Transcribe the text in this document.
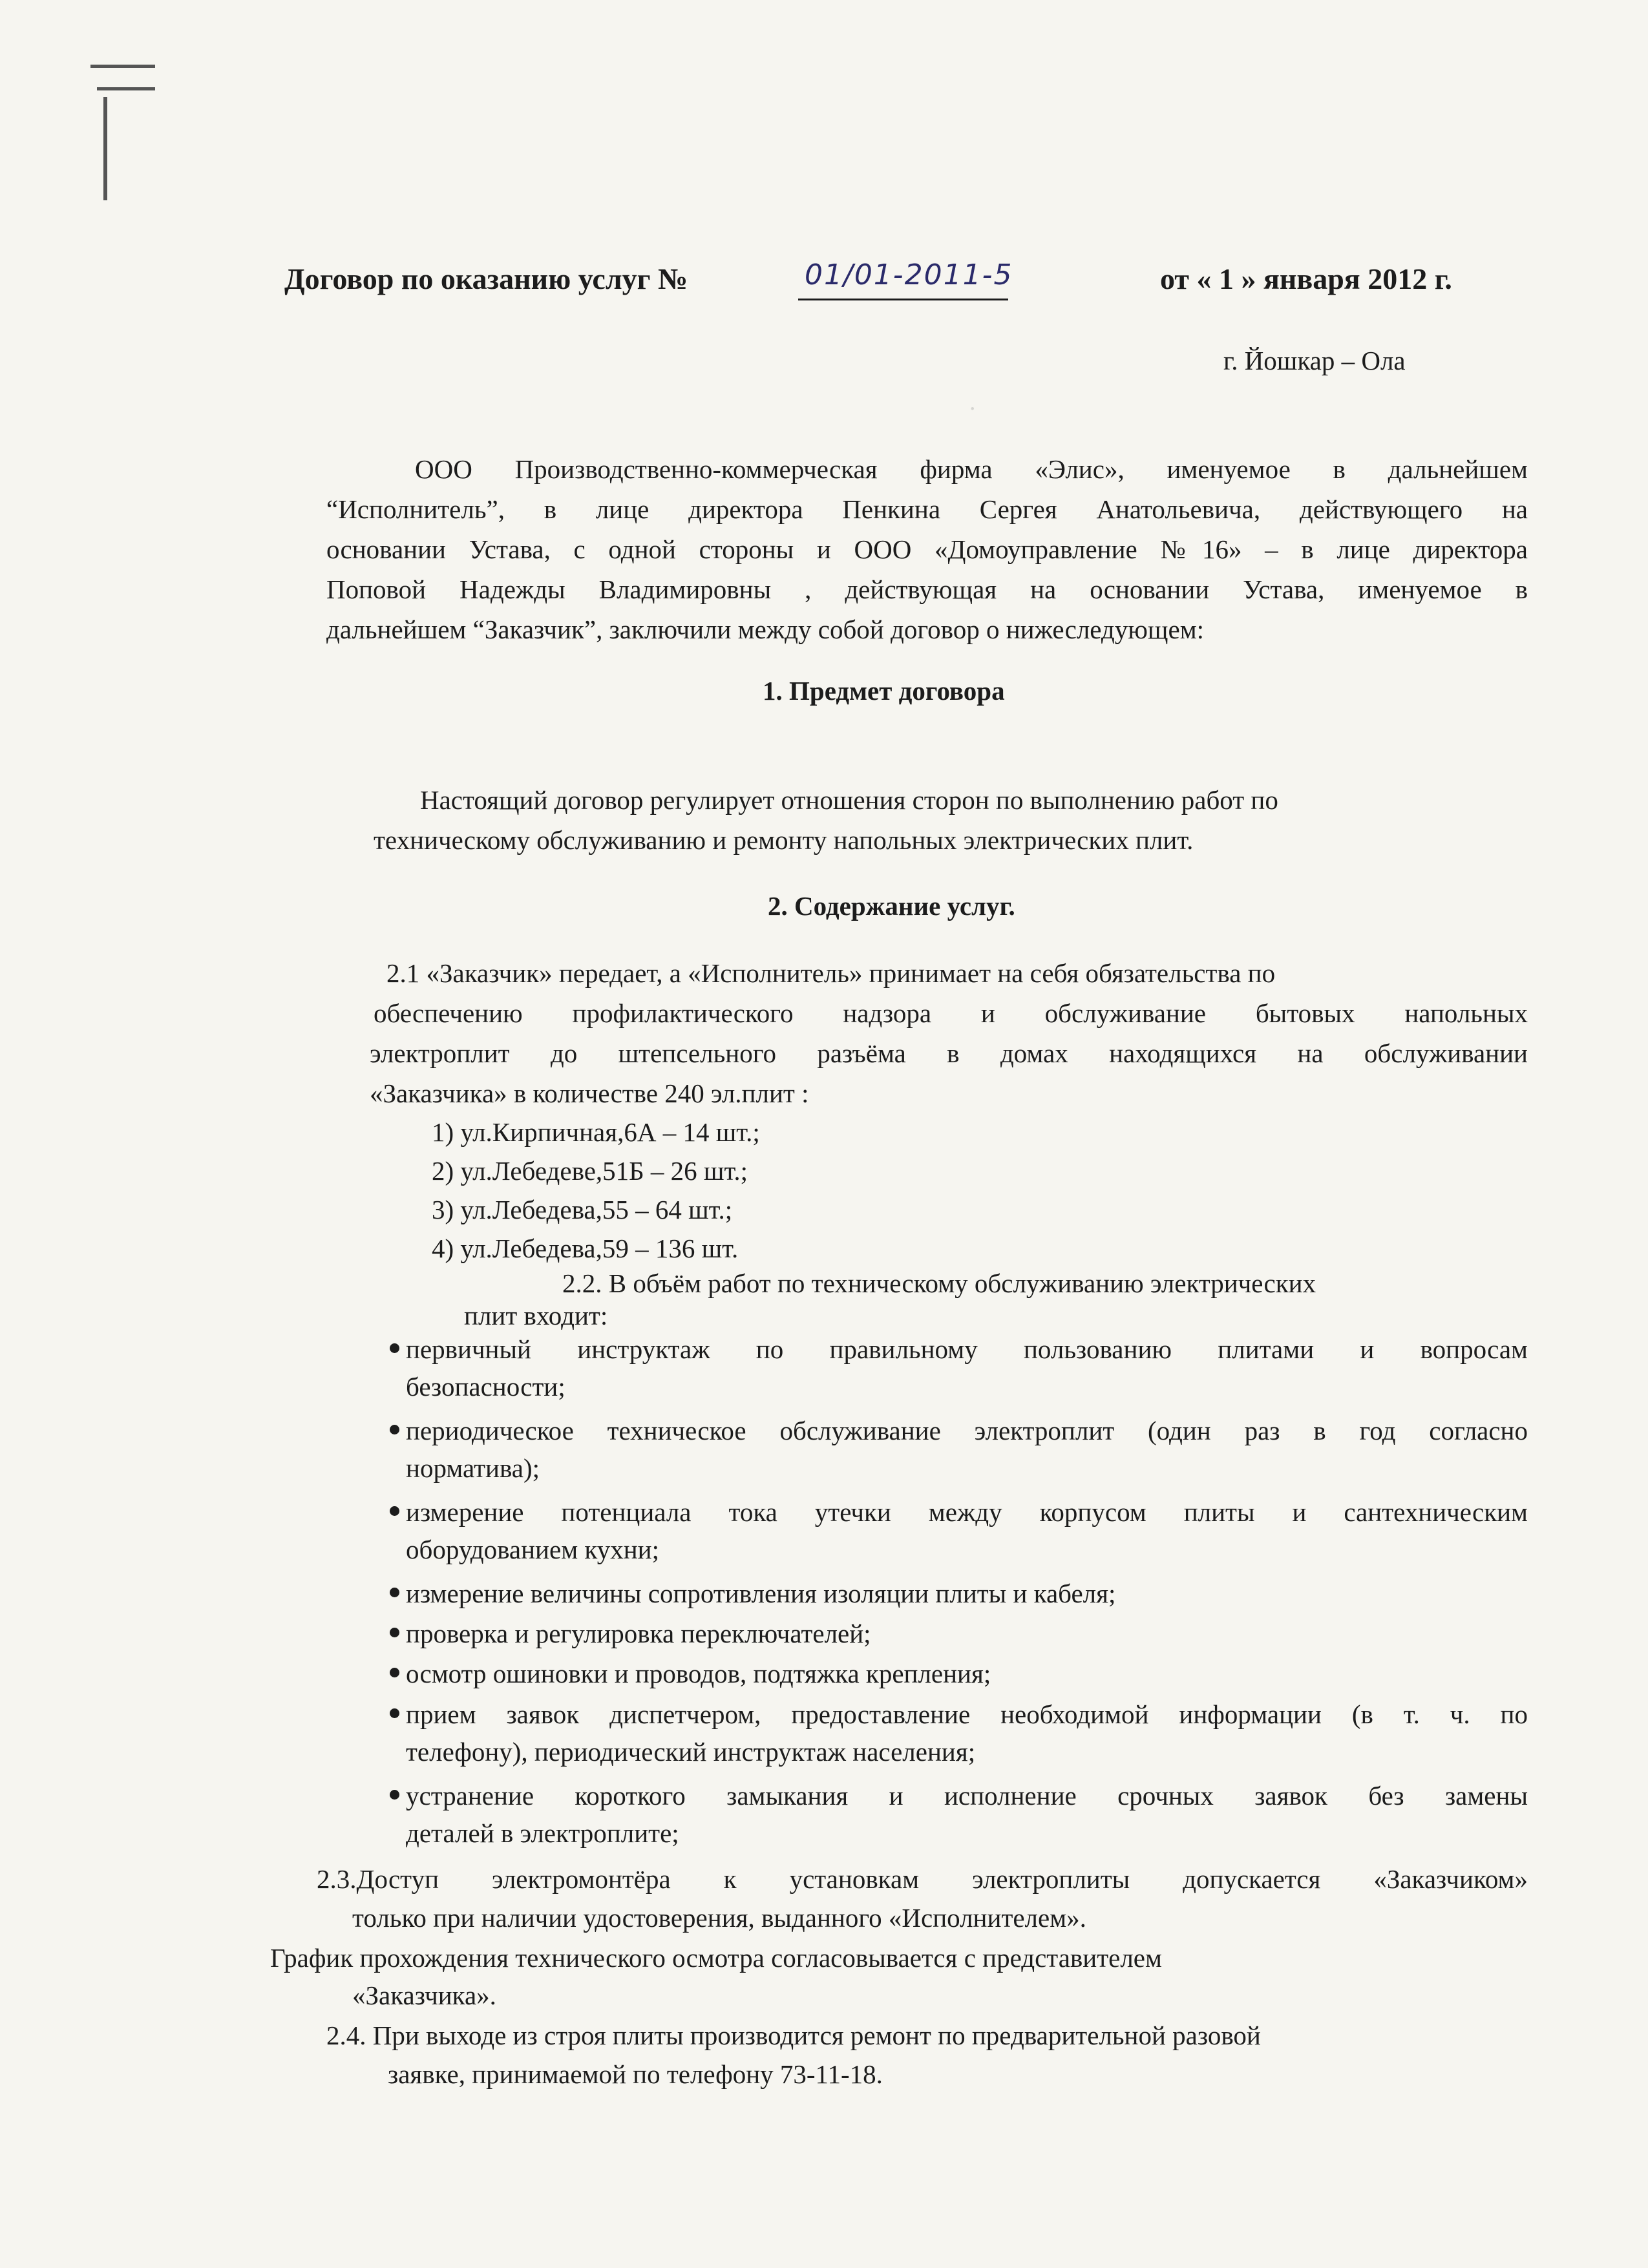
.
Договор по оказанию услуг №	01/01-2011-5	от « 1 » января 2012 г.
г. Йошкар – Ола
ООО Производственно-коммерческая фирма «Элис», именуемое в дальнейшем
“Исполнитель”, в лице директора Пенкина Сергея Анатольевича, действующего на
основании Устава, с одной стороны и ООО «Домоуправление №16» – в лице директора
Поповой Надежды Владимировны , действующая на основании Устава, именуемое в
дальнейшем “Заказчик”, заключили между собой договор о нижеследующем:
1. Предмет договора
Настоящий договор регулирует отношения сторон по выполнению работ по
техническому обслуживанию и ремонту напольных электрических плит.
2. Содержание услуг.
2.1 «Заказчик» передает, а «Исполнитель» принимает на себя обязательства по
обеспечению профилактического надзора и обслуживание бытовых напольных
электроплит до штепсельного разъёма в домах находящихся на обслуживании
«Заказчика» в количестве 240 эл.плит :
1) ул.Кирпичная,6А – 14 шт.;
2) ул.Лебедеве,51Б – 26 шт.;
3) ул.Лебедева,55 – 64 шт.;
4) ул.Лебедева,59 – 136 шт.
2.2. В объём работ по техническому обслуживанию электрических
плит входит:
первичный инструктаж по правильному пользованию плитами и вопросам
безопасности;
периодическое техническое обслуживание электроплит (один раз в год согласно
норматива);
измерение потенциала тока утечки между корпусом плиты и сантехническим
оборудованием кухни;
измерение величины сопротивления изоляции плиты и кабеля;
проверка и регулировка переключателей;
осмотр ошиновки и проводов, подтяжка крепления;
прием заявок диспетчером, предоставление необходимой информации (в т. ч. по
телефону), периодический инструктаж населения;
устранение короткого замыкания и исполнение срочных заявок без замены
деталей в электроплите;
2.3.Доступ электромонтёра к установкам электроплиты допускается «Заказчиком»
только при наличии удостоверения, выданного «Исполнителем».
График прохождения технического осмотра согласовывается с представителем
«Заказчика».
2.4. При выходе из строя плиты производится ремонт по предварительной разовой
заявке, принимаемой по телефону 73-11-18.
